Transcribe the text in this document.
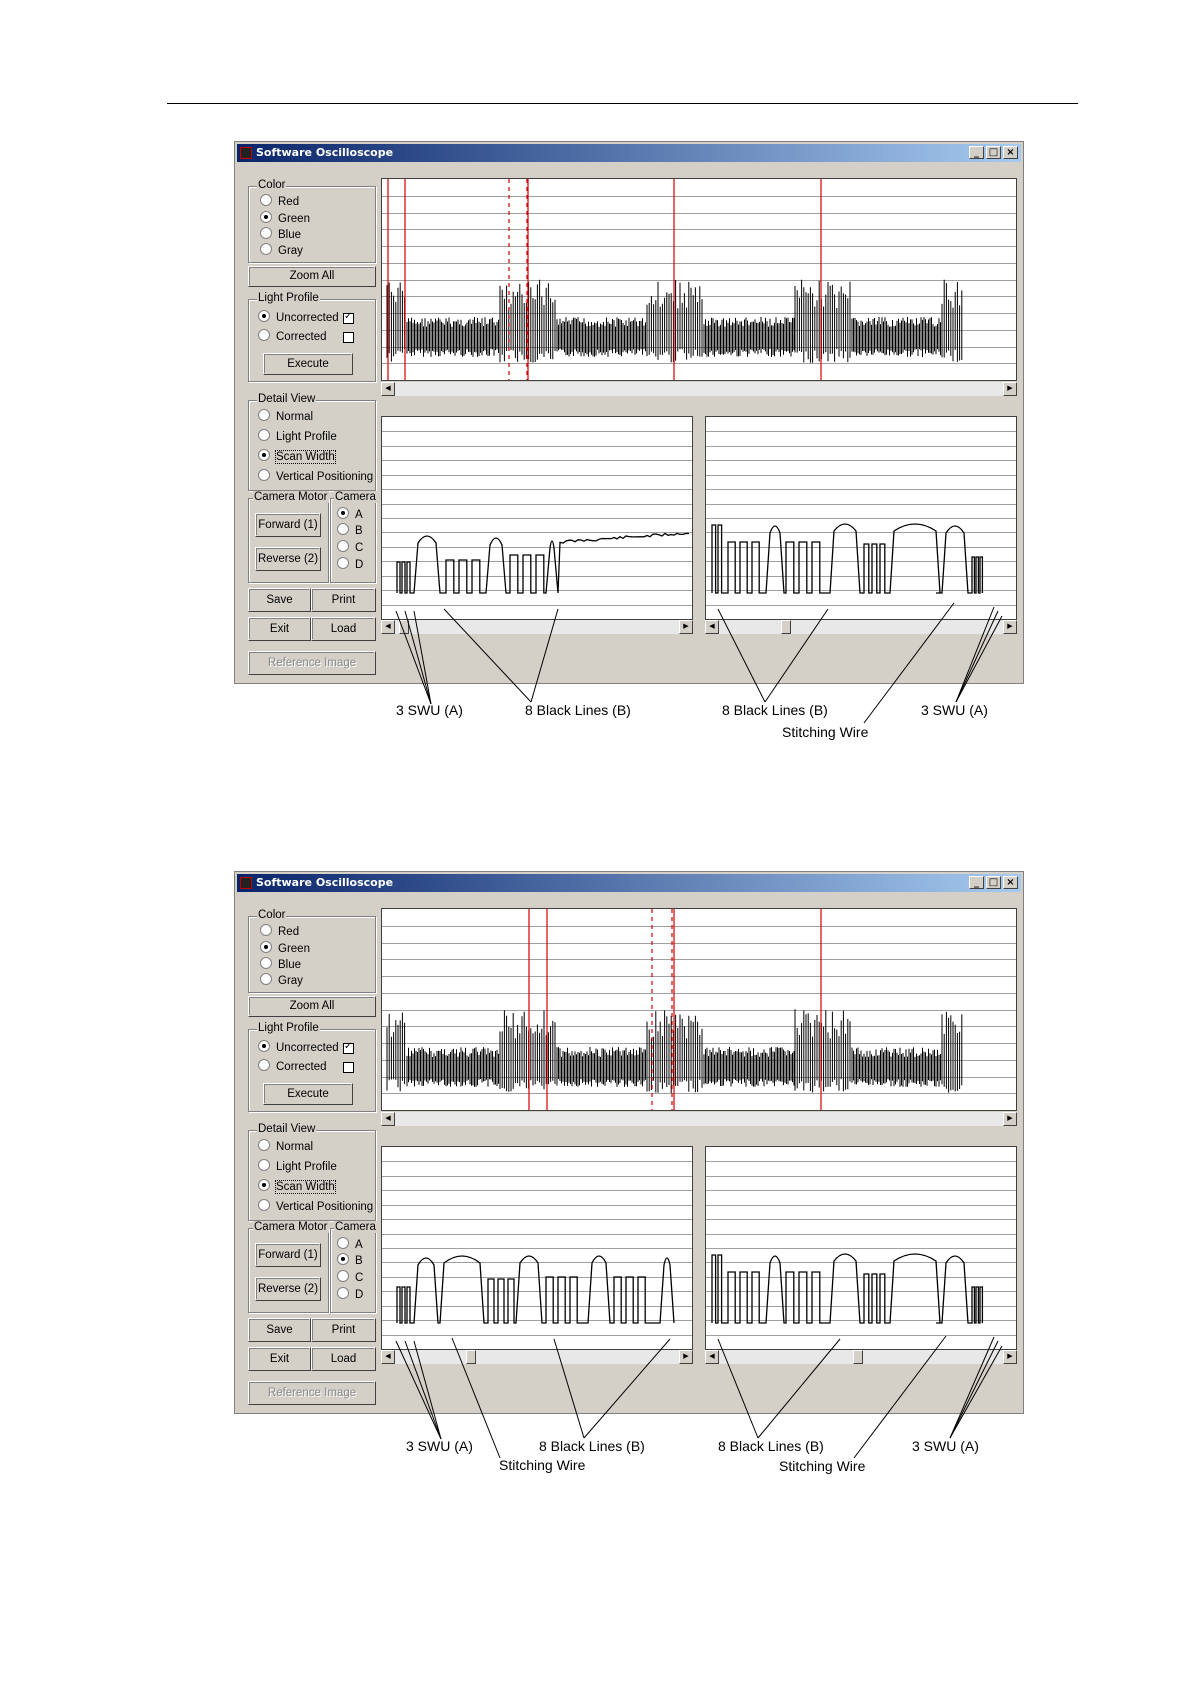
Software Oscilloscope	_ □ ×
Color
Red
Green
Blue
Gray
Zoom All
Light Profile
Uncorrected
✓
Corrected
Execute
Detail View
Normal
Light Profile
Scan Width
Vertical Positioning
Camera Motor
Forward (1)
Reverse (2)
Camera
A
B
C
D
Save	Print
Exit	Load
Reference Image
◀	▶
◀	▶	◀	▶
3 SWU (A)	8 Black Lines (B)	8 Black Lines (B)
Stitching Wire
3 SWU (A)
Software Oscilloscope	_ □ ×
Color
Red
Green
Blue
Gray
Zoom All
Light Profile
Uncorrected
✓
Corrected
Execute
Detail View
Normal
Light Profile
Scan Width
Vertical Positioning
Camera Motor
Forward (1)
Reverse (2)
Camera
A
B
C
D
Save	Print
Exit	Load
Reference Image
◀	▶
◀	▶	◀	▶
3 SWU (A)
Stitching Wire
8 Black Lines (B)	8 Black Lines (B)
Stitching Wire
3 SWU (A)
